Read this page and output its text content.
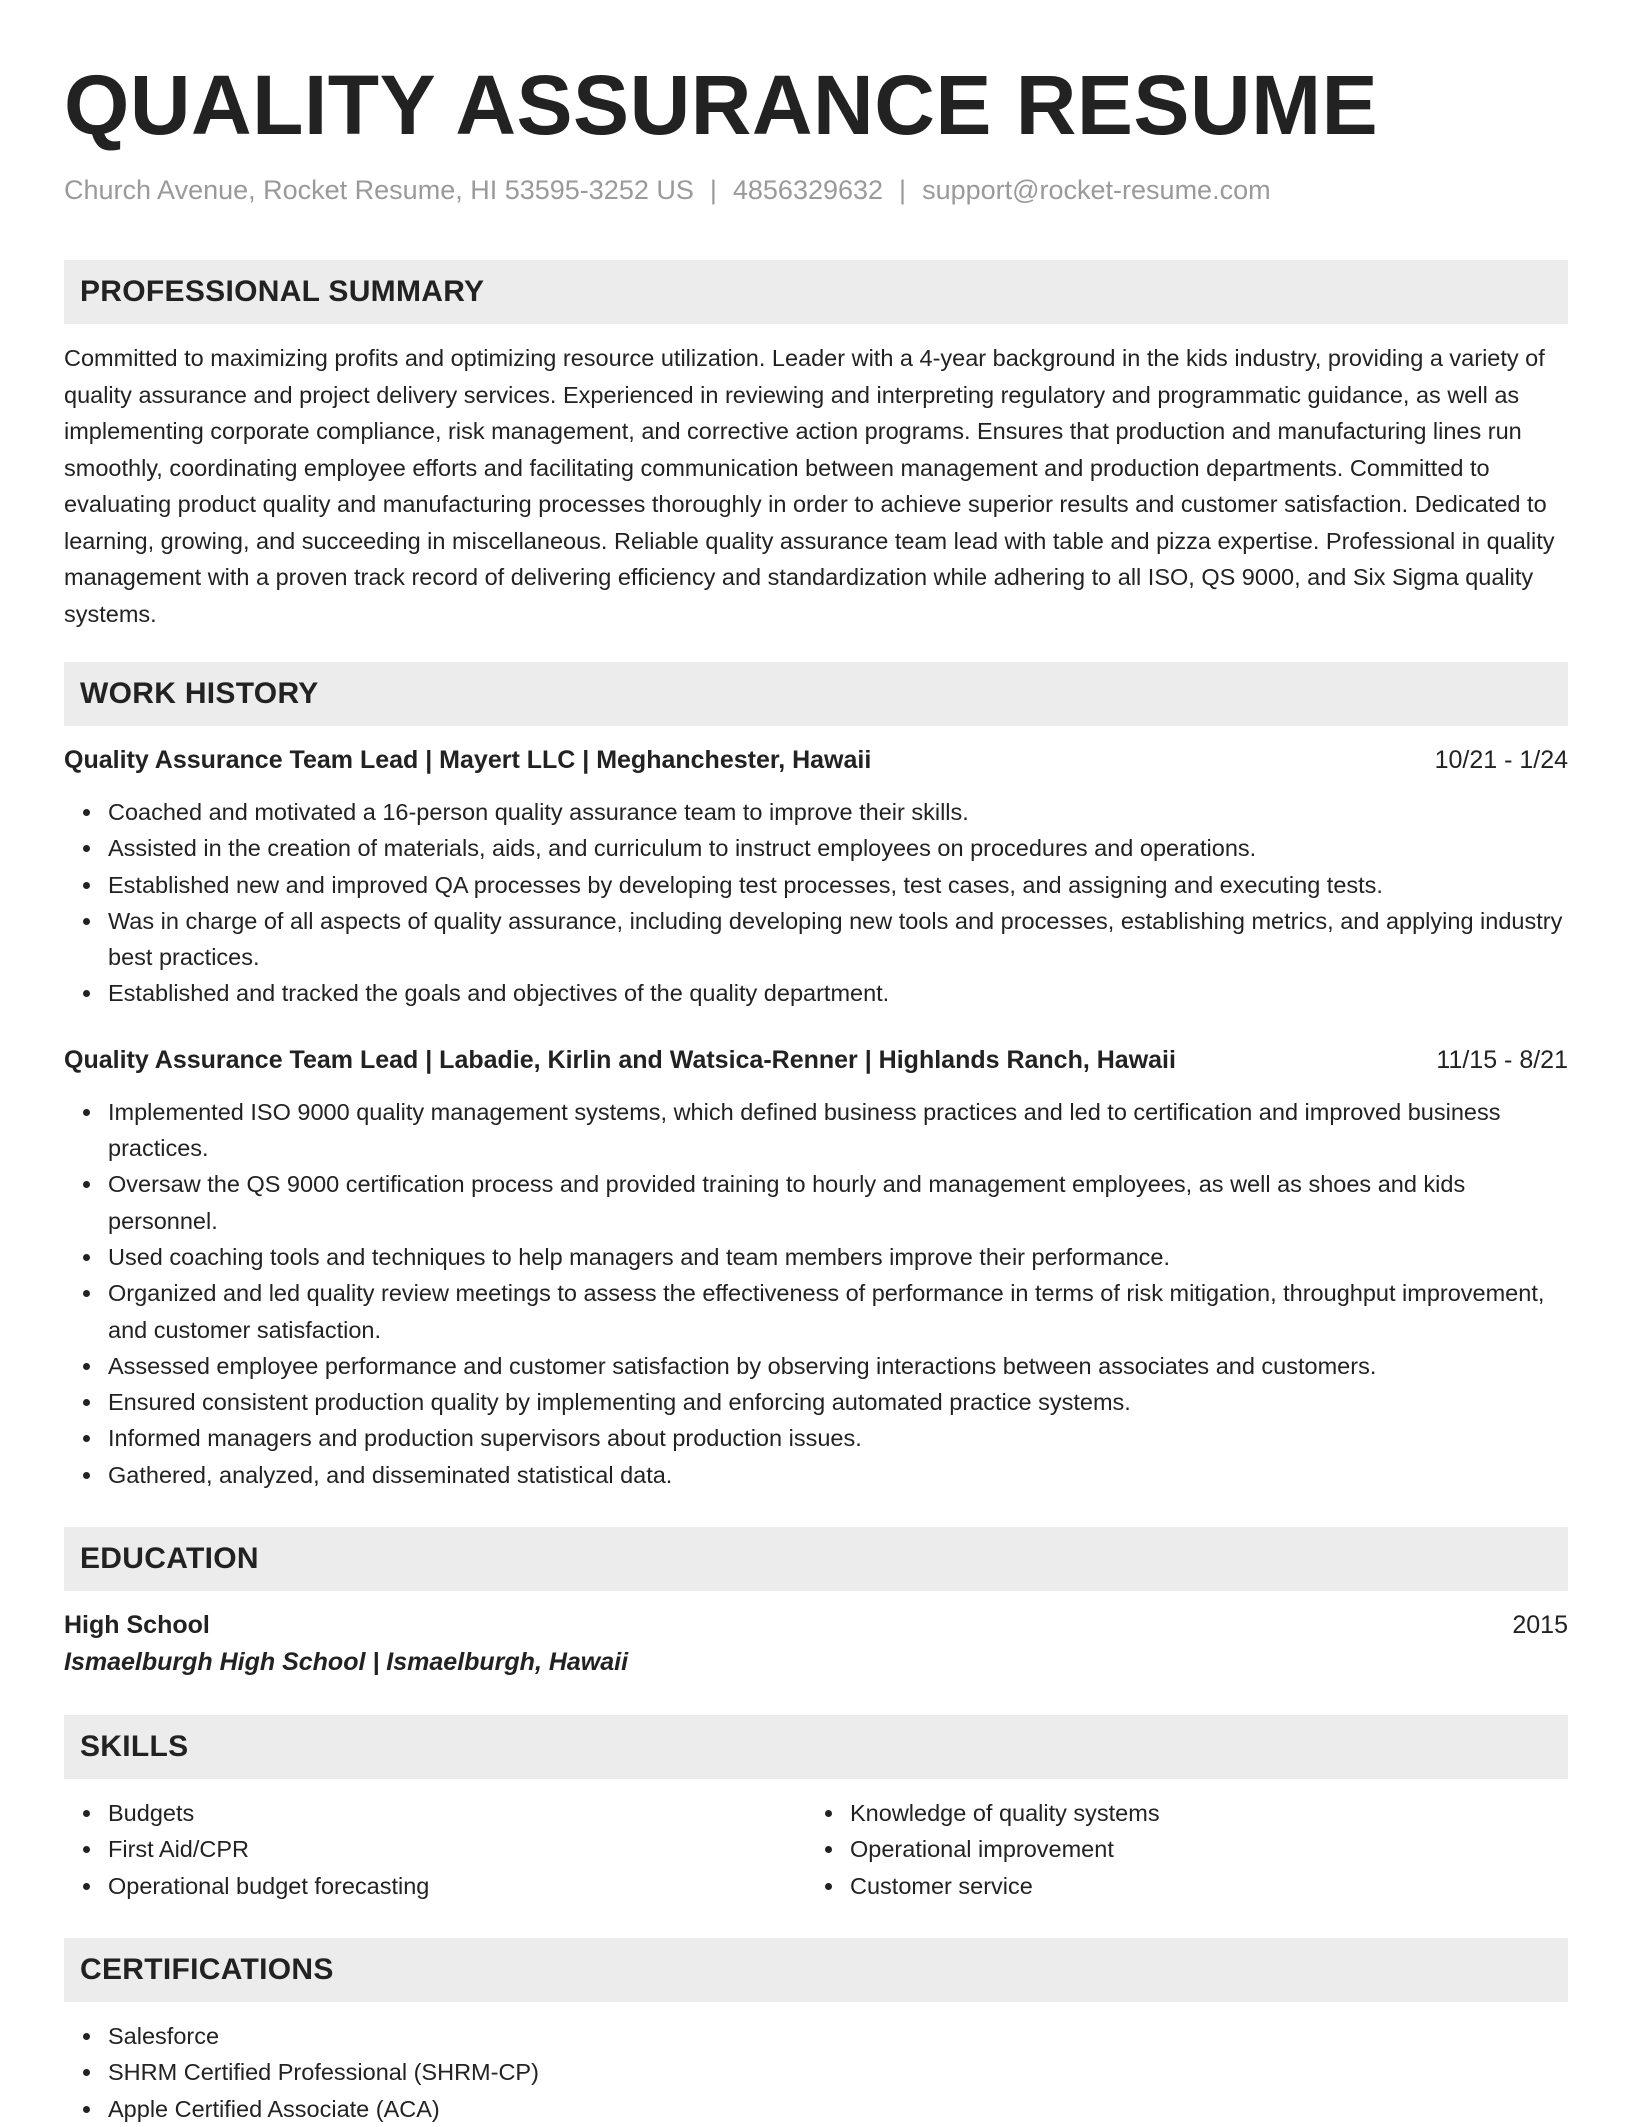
QUALITY ASSURANCE RESUME
Church Avenue, Rocket Resume, HI 53595-3252 US | 4856329632 | support@rocket-resume.com
PROFESSIONAL SUMMARY
Committed to maximizing profits and optimizing resource utilization. Leader with a 4-year background in the kids industry, providing a variety of quality assurance and project delivery services. Experienced in reviewing and interpreting regulatory and programmatic guidance, as well as implementing corporate compliance, risk management, and corrective action programs. Ensures that production and manufacturing lines run smoothly, coordinating employee efforts and facilitating communication between management and production departments. Committed to evaluating product quality and manufacturing processes thoroughly in order to achieve superior results and customer satisfaction. Dedicated to learning, growing, and succeeding in miscellaneous. Reliable quality assurance team lead with table and pizza expertise. Professional in quality management with a proven track record of delivering efficiency and standardization while adhering to all ISO, QS 9000, and Six Sigma quality systems.
WORK HISTORY
Quality Assurance Team Lead | Mayert LLC | Meghanchester, Hawaii	10/21 - 1/24
Coached and motivated a 16-person quality assurance team to improve their skills.
Assisted in the creation of materials, aids, and curriculum to instruct employees on procedures and operations.
Established new and improved QA processes by developing test processes, test cases, and assigning and executing tests.
Was in charge of all aspects of quality assurance, including developing new tools and processes, establishing metrics, and applying industry best practices.
Established and tracked the goals and objectives of the quality department.
Quality Assurance Team Lead | Labadie, Kirlin and Watsica-Renner | Highlands Ranch, Hawaii	11/15 - 8/21
Implemented ISO 9000 quality management systems, which defined business practices and led to certification and improved business practices.
Oversaw the QS 9000 certification process and provided training to hourly and management employees, as well as shoes and kids personnel.
Used coaching tools and techniques to help managers and team members improve their performance.
Organized and led quality review meetings to assess the effectiveness of performance in terms of risk mitigation, throughput improvement, and customer satisfaction.
Assessed employee performance and customer satisfaction by observing interactions between associates and customers.
Ensured consistent production quality by implementing and enforcing automated practice systems.
Informed managers and production supervisors about production issues.
Gathered, analyzed, and disseminated statistical data.
EDUCATION
High School	2015
Ismaelburgh High School | Ismaelburgh, Hawaii
SKILLS
Budgets
First Aid/CPR
Operational budget forecasting
Knowledge of quality systems
Operational improvement
Customer service
CERTIFICATIONS
Salesforce
SHRM Certified Professional (SHRM-CP)
Apple Certified Associate (ACA)
